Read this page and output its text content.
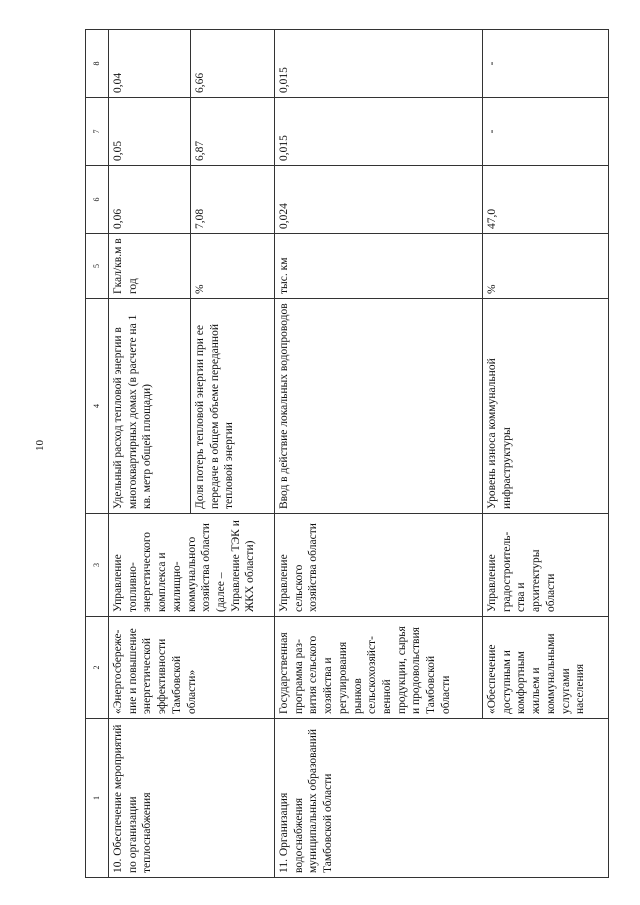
10
1	2	3	4	5	6	7	8
10. Обеспечение мероприятий по организации теплоснабжения	«Энергосбереже-ние и повышение энергетической эффективности Тамбовской области»	Управление топливно-энергетического комплекса и жилищно-коммунального хозяйства области (далее – Управление ТЭК и ЖКХ области)	Удельный расход тепловой энергии в многоквартирных домах (в расчете на 1 кв. метр общей площади)	Гкал/кв.м в год	0,06	0,05	0,04
			Доля потерь тепловой энергии при ее передаче в общем объеме переданной тепловой энергии	%	7,08	6,87	6,66
11. Организация водоснабжения муниципальных образований Тамбовской области	Государственная программа раз-вития сельского хозяйства и регулирования рынков сельскохозяйст-венной продукции, сырья и продовольствия Тамбовской области	Управление сельского хозяйства области	Ввод в действие локальных водопроводов	тыс. км	0,024	0,015	0,015
	«Обеспечение доступным и комфортным жильем и коммунальными услугами населения	Управление градостроитель-ства и архитектуры области	Уровень износа коммунальной инфраструктуры	%	47,0	-	-
